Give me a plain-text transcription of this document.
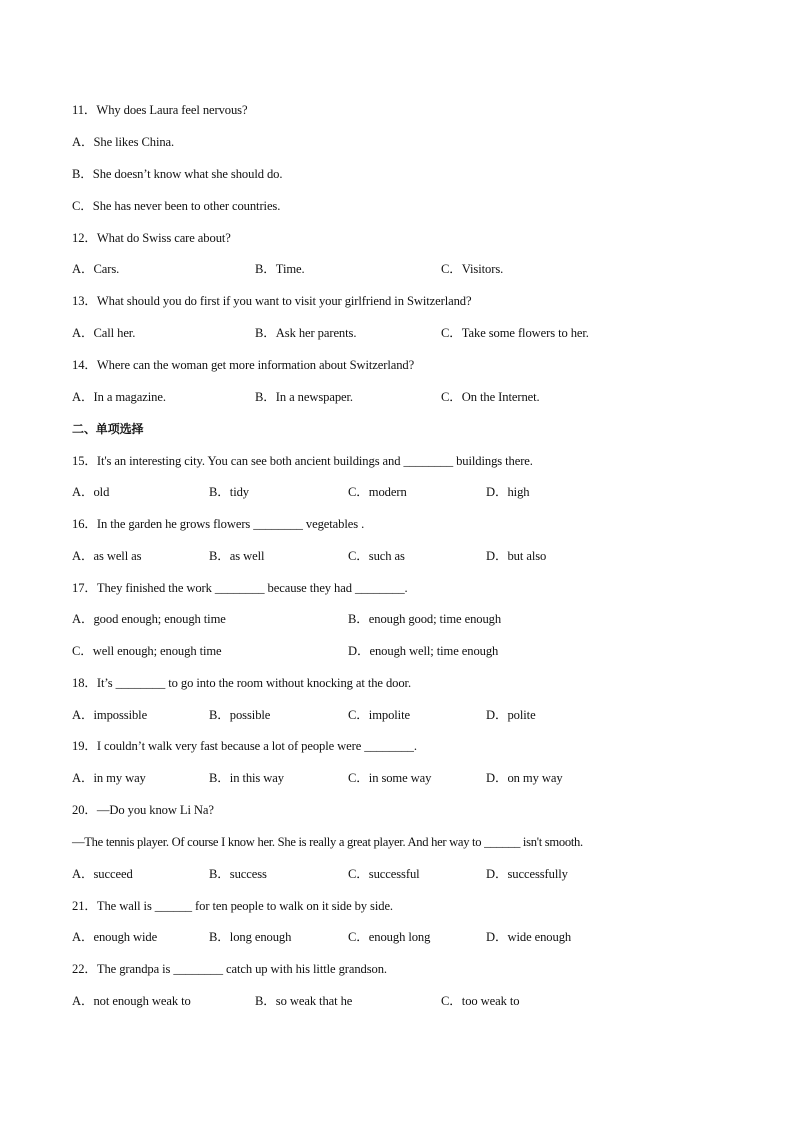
11．Why does Laura feel nervous?
A．She likes China.
B．She doesn’t know what she should do.
C．She has never been to other countries.
12．What do Swiss care about?
A．Cars.	B．Time.	C．Visitors.
13．What should you do first if you want to visit your girlfriend in Switzerland?
A．Call her.	B．Ask her parents.	C．Take some flowers to her.
14．Where can the woman get more information about Switzerland?
A．In a magazine.	B．In a newspaper.	C．On the Internet.
二、单项选择
15．It's an interesting city. You can see both ancient buildings and ________ buildings there.
A．old	B．tidy	C．modern	D．high
16．In the garden he grows flowers ________ vegetables .
A．as well as	B．as well	C．such as	D．but also
17．They finished the work ________ because they had ________.
A．good enough; enough time	B．enough good; time enough
C．well enough; enough time	D．enough well; time enough
18．It’s ________ to go into the room without knocking at the door.
A．impossible	B．possible	C．impolite	D．polite
19．I couldn’t walk very fast because a lot of people were ________.
A．in my way	B．in this way	C．in some way	D．on my way
20．—Do you know Li Na?
—The tennis player. Of course I know her. She is really a great player. And her way to ______ isn't smooth.
A．succeed	B．success	C．successful	D．successfully
21．The wall is ______ for ten people to walk on it side by side.
A．enough wide	B．long enough	C．enough long	D．wide enough
22．The grandpa is ________ catch up with his little grandson.
A．not enough weak to	B．so weak that he	C．too weak to
